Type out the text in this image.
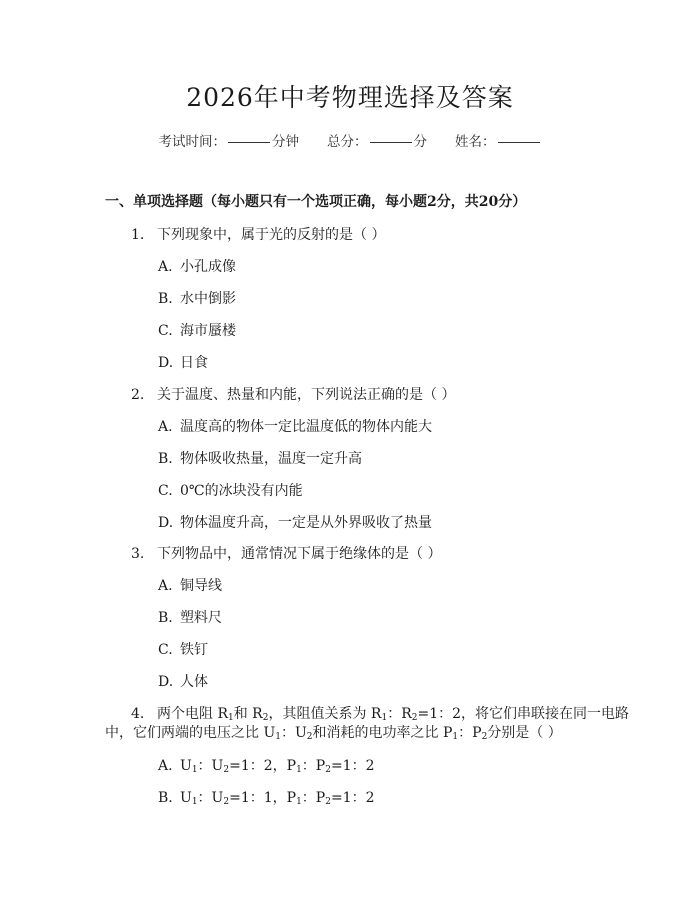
2026年中考物理选择及答案
考试时间：	分钟 总分：	分 姓名：
一、单项选择题（每小题只有一个选项正确，每小题2分，共20分）
1. 下列现象中，属于光的反射的是（ ）
A. 小孔成像
B. 水中倒影
C. 海市蜃楼
D. 日食
2. 关于温度、热量和内能，下列说法正确的是（ ）
A. 温度高的物体一定比温度低的物体内能大
B. 物体吸收热量，温度一定升高
C. 0℃的冰块没有内能
D. 物体温度升高，一定是从外界吸收了热量
3. 下列物品中，通常情况下属于绝缘体的是（ ）
A. 铜导线
B. 塑料尺
C. 铁钉
D. 人体
4. 两个电阻 $R_1$和 $R_2$，其阻值关系为 $R_1$：$R_2=1$：2，将它们串联接在同一电路
中，它们两端的电压之比 $U_1$：$U_2$和消耗的电功率之比 $P_1$：$P_2$分别是（ ）
A. $U_1$：$U_2=1$：2，$P_1$：$P_2=1$：2
B. $U_1$：$U_2=1$：1，$P_1$：$P_2=1$：2
